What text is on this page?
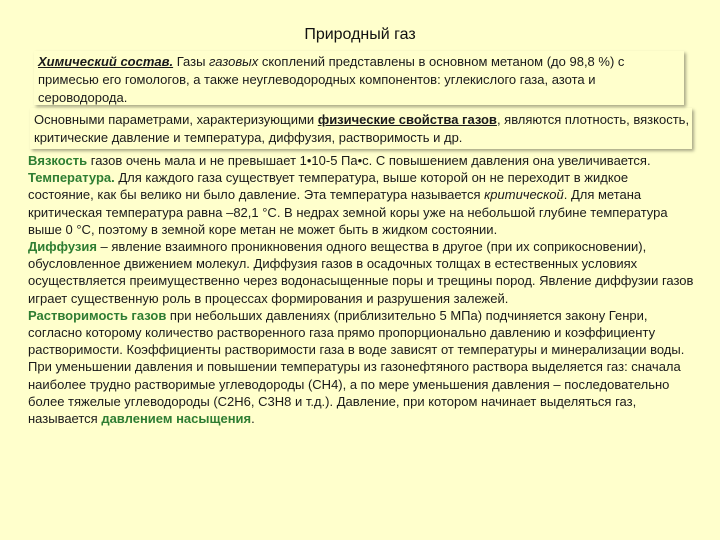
Природный газ
Химический состав. Газы газовых скоплений представлены в основном метаном (до 98,8 %) с примесью его гомологов, а также неуглеводородных компонентов: углекислого газа, азота и сероводорода.
Основными параметрами, характеризующими физические свойства газов, являются плотность, вязкость, критические давление и температура, диффузия, растворимость и др.

Вязкость газов очень мала и не превышает 1•10-5 Па•с. С повышением давления она увеличивается.

Температура. Для каждого газа существует температура, выше которой он не переходит в жидкое состояние, как бы велико ни было давление. Эта температура называется критической. Для метана критическая температура равна –82,1 °С. В недрах земной коры уже на небольшой глубине температура выше 0 °С, поэтому в земной коре метан не может быть в жидком состоянии.

Диффузия – явление взаимного проникновения одного вещества в другое (при их соприкосновении), обусловленное движением молекул. Диффузия газов в осадочных толщах в естественных условиях осуществляется преимущественно через водонасыщенные поры и трещины пород. Явление диффузии газов играет существенную роль в процессах формирования и разрушения залежей.

Растворимость газов при небольших давлениях (приблизительно 5 МПа) подчиняется закону Генри, согласно которому количество растворенного газа прямо пропорционально давлению и коэффициенту растворимости. Коэффициенты растворимости газа в воде зависят от температуры и минерализации воды.

При уменьшении давления и повышении температуры из газонефтяного раствора выделяется газ: сначала наиболее трудно растворимые углеводороды (СН4), а по мере уменьшения давления – последовательно более тяжелые углеводороды (С2Н6, С3Н8 и т.д.). Давление, при котором начинает выделяться газ, называется давлением насыщения.
